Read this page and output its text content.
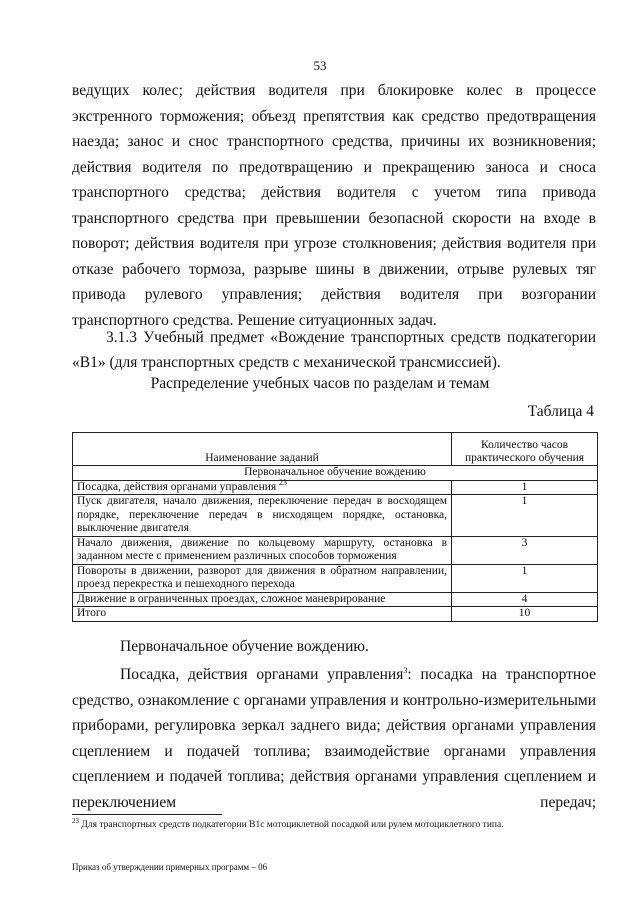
53

ведущих колес; действия водителя при блокировке колес в процессе экстренного торможения; объезд препятствия как средство предотвращения наезда; занос и снос транспортного средства, причины их возникновения; действия водителя по предотвращению и прекращению заноса и сноса транспортного средства; действия водителя с учетом типа привода транспортного средства при превышении безопасной скорости на входе в поворот; действия водителя при угрозе столкновения; действия водителя при отказе рабочего тормоза, разрыве шины в движении, отрыве рулевых тяг привода рулевого управления; действия водителя при возгорании транспортного средства. Решение ситуационных задач.

3.1.3 Учебный предмет «Вождение транспортных средств подкатегории «B1» (для транспортных средств с механической трансмиссией).

Распределение учебных часов по разделам и темам
Таблица 4
Наименование заданий	Количество часов практического обучения
Первоначальное обучение вождению	
Посадка, действия органами управления $^{23}$	1
Пуск двигателя, начало движения, переключение передач в восходящем порядке, переключение передач в нисходящем порядке, остановка, выключение двигателя	1
Начало движения, движение по кольцевому маршруту, остановка в заданном месте с применением различных способов торможения	3
Повороты в движении, разворот для движения в обратном направлении, проезд перекрестка и пешеходного перехода	1
Движение в ограниченных проездах, сложное маневрирование	4
Итого	10
Первоначальное обучение вождению.

Посадка, действия органами управления$^3$: посадка на транспортное средство, ознакомление с органами управления и контрольно-измерительными приборами, регулировка зеркал заднего вида; действия органами управления сцеплением и подачей топлива; взаимодействие органами управления сцеплением и подачей топлива; действия органами управления сцеплением и переключением передач;

$^{23}$ Для транспортных средств подкатегории B1с мотоциклетной посадкой или рулем мотоциклетного типа.
Приказ об утверждении примерных программ – 06
